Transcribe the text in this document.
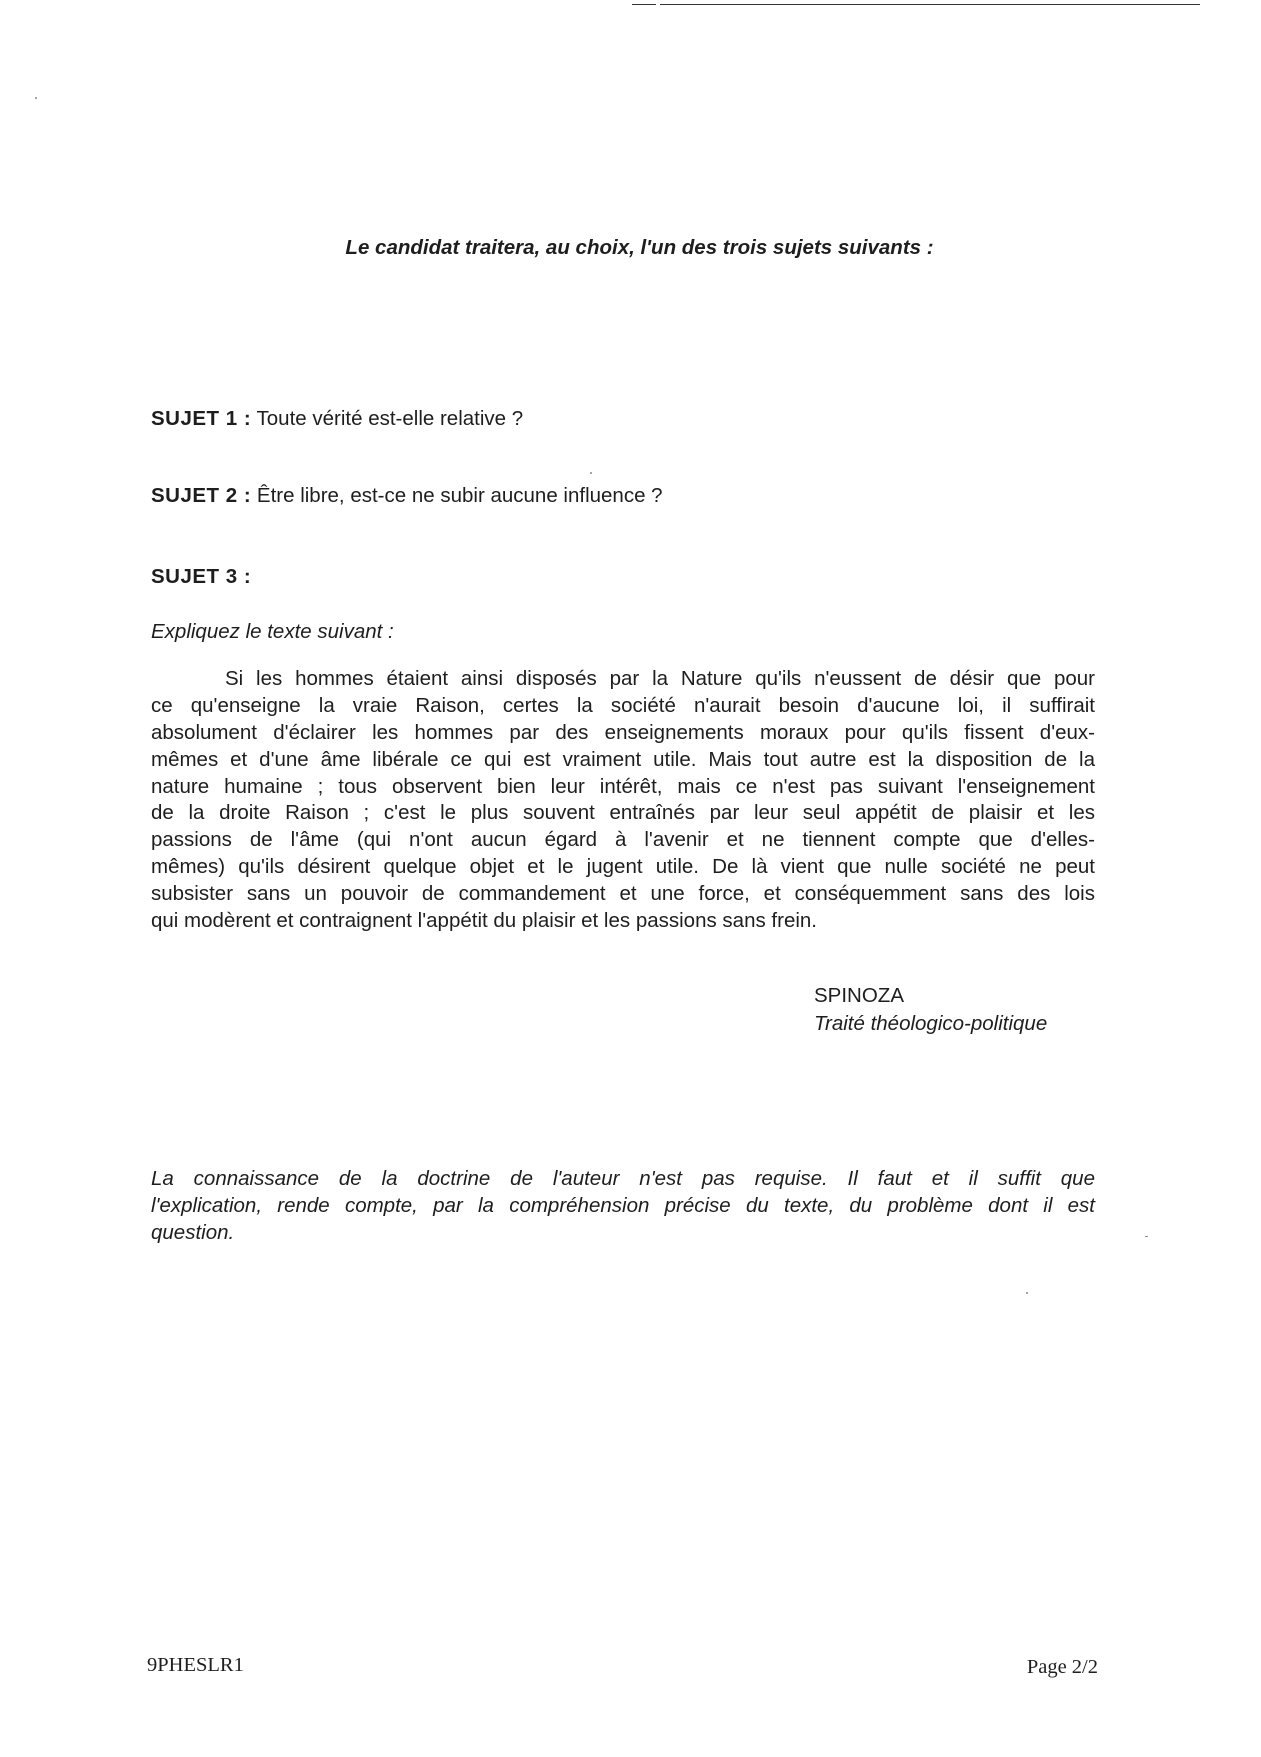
Le candidat traitera, au choix, l'un des trois sujets suivants :
SUJET 1 : Toute vérité est-elle relative ?
SUJET 2 : Être libre, est-ce ne subir aucune influence ?
SUJET 3 :
Expliquez le texte suivant :
Si les hommes étaient ainsi disposés par la Nature qu'ils n'eussent de désir que pour
ce qu'enseigne la vraie Raison, certes la société n'aurait besoin d'aucune loi, il suffirait
absolument d'éclairer les hommes par des enseignements moraux pour qu'ils fissent d'eux-
mêmes et d'une âme libérale ce qui est vraiment utile. Mais tout autre est la disposition de la
nature humaine ; tous observent bien leur intérêt, mais ce n'est pas suivant l'enseignement
de la droite Raison ; c'est le plus souvent entraînés par leur seul appétit de plaisir et les
passions de l'âme (qui n'ont aucun égard à l'avenir et ne tiennent compte que d'elles-
mêmes) qu'ils désirent quelque objet et le jugent utile. De là vient que nulle société ne peut
subsister sans un pouvoir de commandement et une force, et conséquemment sans des lois
qui modèrent et contraignent l'appétit du plaisir et les passions sans frein.
SPINOZA
Traité théologico-politique
La connaissance de la doctrine de l'auteur n'est pas requise. Il faut et il suffit que
l'explication, rende compte, par la compréhension précise du texte, du problème dont il est
question.
9PHESLR1	Page 2/2
